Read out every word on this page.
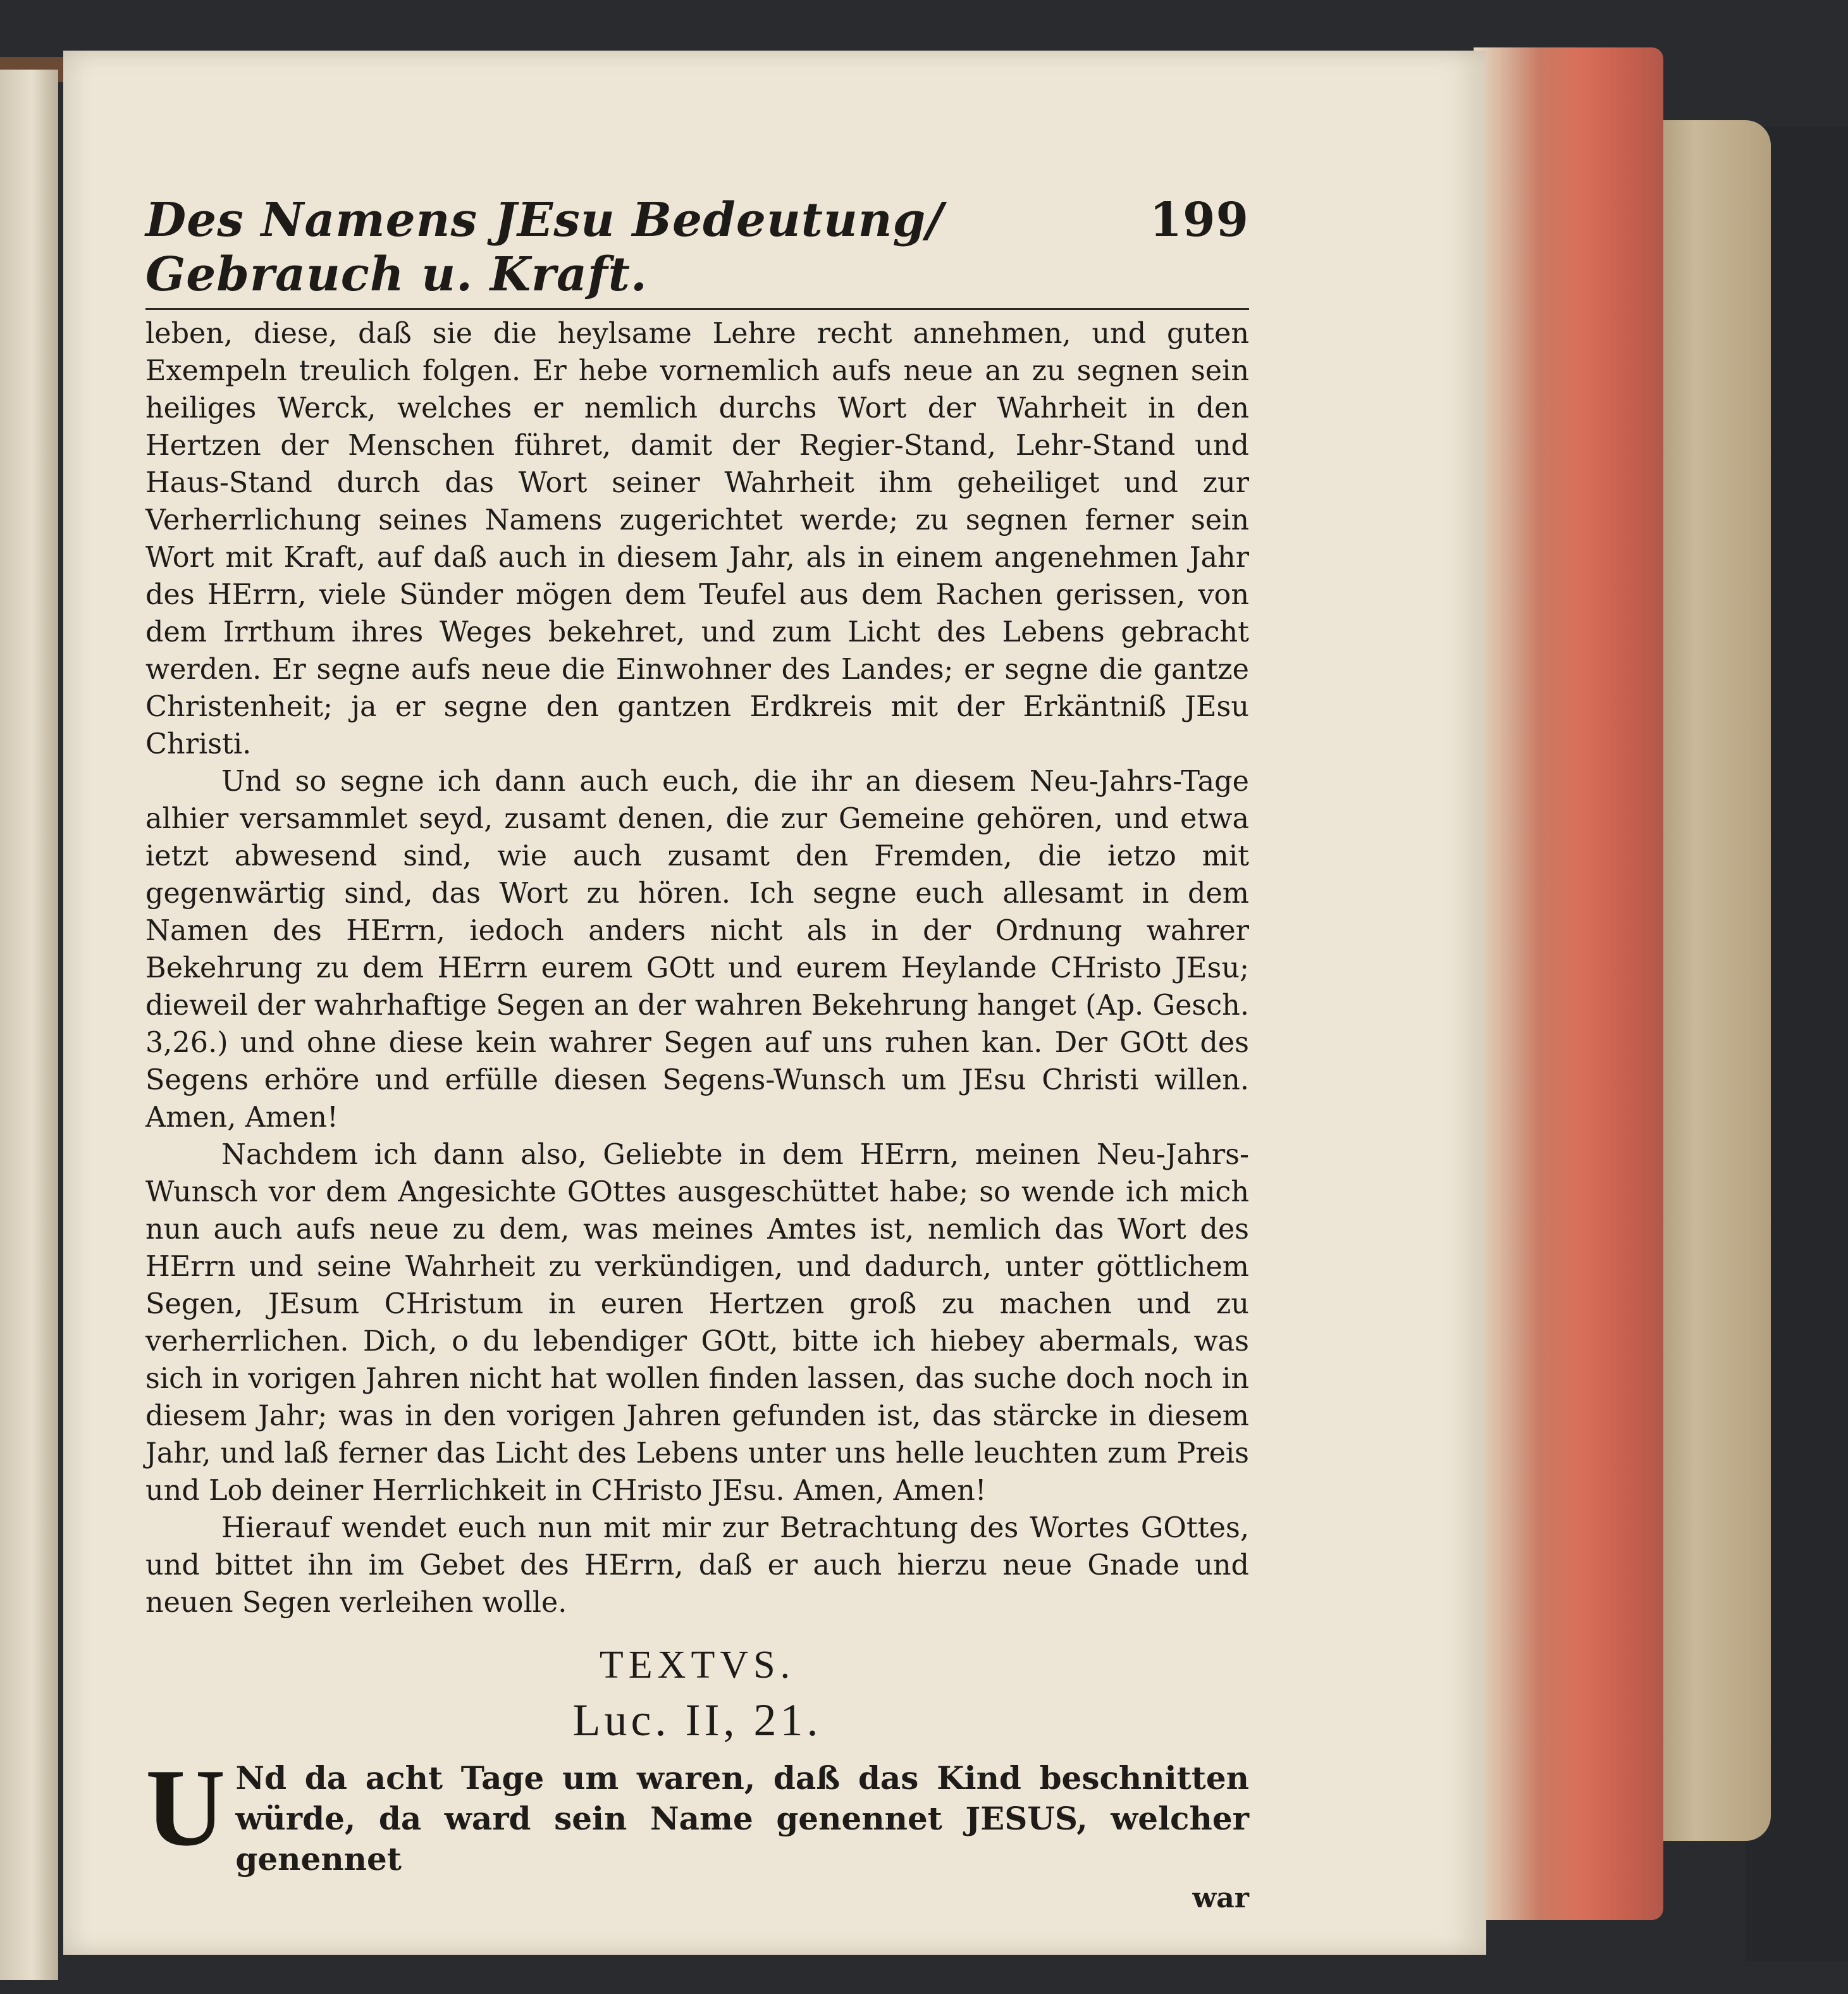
Des Namens JEsu Bedeutung/ Gebrauch u. Kraft.
199

leben, diese, daß sie die heylsame Lehre recht annehmen, und guten Exempeln treulich folgen. Er hebe vornemlich aufs neue an zu segnen sein heiliges Werck, welches er nemlich durchs Wort der Wahrheit in den Hertzen der Menschen führet, damit der Regier-Stand, Lehr-Stand und Haus-Stand durch das Wort seiner Wahrheit ihm geheiliget und zur Verherrlichung seines Namens zugerichtet werde; zu segnen ferner sein Wort mit Kraft, auf daß auch in diesem Jahr, als in einem angenehmen Jahr des HErrn, viele Sünder mögen dem Teufel aus dem Rachen gerissen, von dem Irrthum ihres Weges bekehret, und zum Licht des Lebens gebracht werden. Er segne aufs neue die Einwohner des Landes; er segne die gantze Christenheit; ja er segne den gantzen Erdkreis mit der Erkäntniß JEsu Christi.

Und so segne ich dann auch euch, die ihr an diesem Neu-Jahrs-Tage alhier versammlet seyd, zusamt denen, die zur Gemeine gehören, und etwa ietzt abwesend sind, wie auch zusamt den Fremden, die ietzo mit gegenwärtig sind, das Wort zu hören. Ich segne euch allesamt in dem Namen des HErrn, iedoch anders nicht als in der Ordnung wahrer Bekehrung zu dem HErrn eurem GOtt und eurem Heylande CHristo JEsu; dieweil der wahrhaftige Segen an der wahren Bekehrung hanget (Ap. Gesch. 3,26.) und ohne diese kein wahrer Segen auf uns ruhen kan. Der GOtt des Segens erhöre und erfülle diesen Segens-Wunsch um JEsu Christi willen. Amen, Amen!

Nachdem ich dann also, Geliebte in dem HErrn, meinen Neu-Jahrs-Wunsch vor dem Angesichte GOttes ausgeschüttet habe; so wende ich mich nun auch aufs neue zu dem, was meines Amtes ist, nemlich das Wort des HErrn und seine Wahrheit zu verkündigen, und dadurch, unter göttlichem Segen, JEsum CHristum in euren Hertzen groß zu machen und zu verherrlichen. Dich, o du lebendiger GOtt, bitte ich hiebey abermals, was sich in vorigen Jahren nicht hat wollen finden lassen, das suche doch noch in diesem Jahr; was in den vorigen Jahren gefunden ist, das stärcke in diesem Jahr, und laß ferner das Licht des Lebens unter uns helle leuchten zum Preis und Lob deiner Herrlichkeit in CHristo JEsu. Amen, Amen!

Hierauf wendet euch nun mit mir zur Betrachtung des Wortes GOttes, und bittet ihn im Gebet des HErrn, daß er auch hierzu neue Gnade und neuen Segen verleihen wolle.

TEXTVS.
Luc. II, 21.
U Nd da acht Tage um waren, daß das Kind beschnitten würde, da ward sein Name genennet JESUS, welcher genennet
war
